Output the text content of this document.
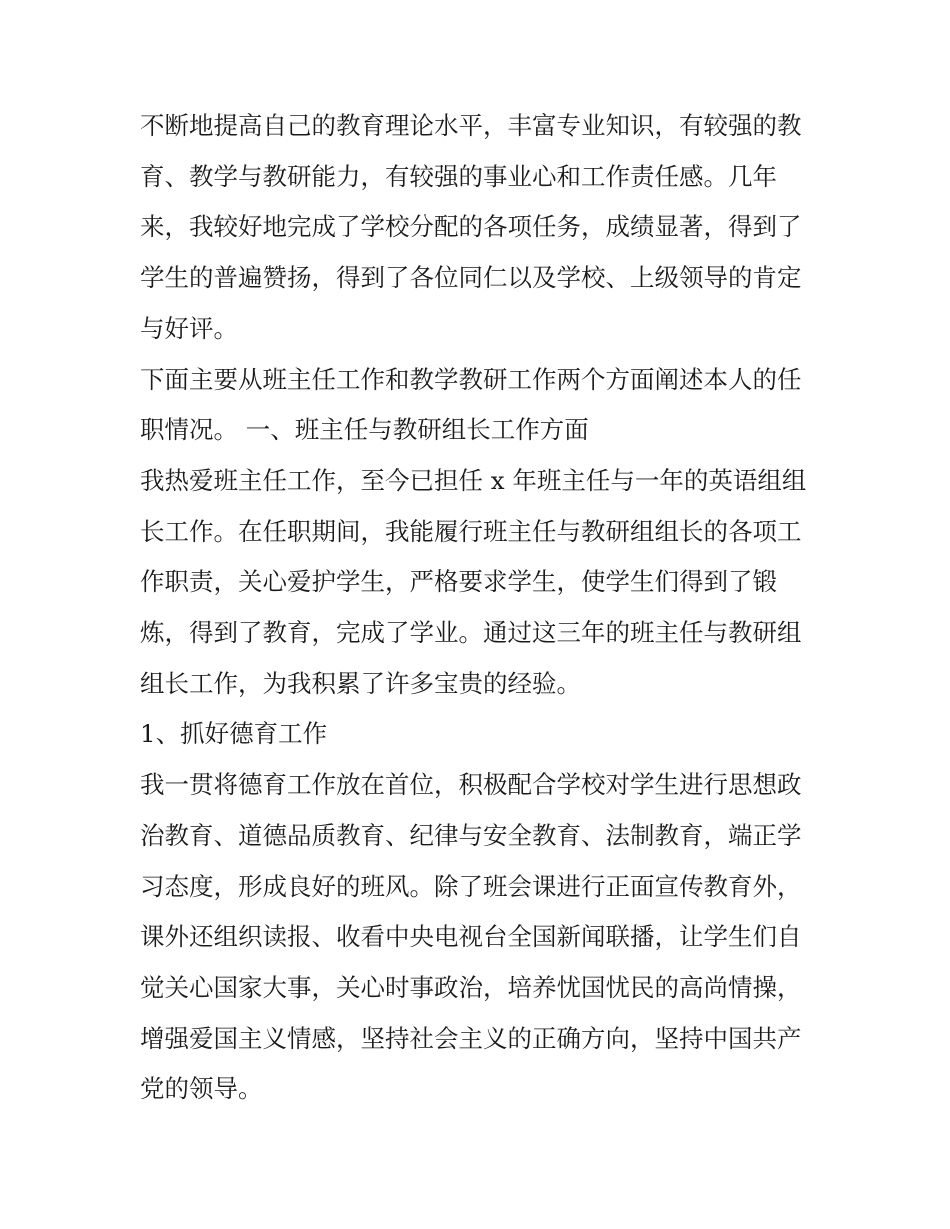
不断地提高自己的教育理论水平，丰富专业知识，有较强的教
育、教学与教研能力，有较强的事业心和工作责任感。几年
来，我较好地完成了学校分配的各项任务，成绩显著，得到了
学生的普遍赞扬，得到了各位同仁以及学校、上级领导的肯定
与好评。
下面主要从班主任工作和教学教研工作两个方面阐述本人的任
职情况。 一、班主任与教研组长工作方面
我热爱班主任工作，至今已担任 x 年班主任与一年的英语组组
长工作。在任职期间，我能履行班主任与教研组组长的各项工
作职责，关心爱护学生，严格要求学生，使学生们得到了锻
炼，得到了教育，完成了学业。通过这三年的班主任与教研组
组长工作，为我积累了许多宝贵的经验。
1、抓好德育工作
我一贯将德育工作放在首位，积极配合学校对学生进行思想政
治教育、道德品质教育、纪律与安全教育、法制教育，端正学
习态度，形成良好的班风。除了班会课进行正面宣传教育外，
课外还组织读报、收看中央电视台全国新闻联播，让学生们自
觉关心国家大事，关心时事政治，培养忧国忧民的高尚情操，
增强爱国主义情感，坚持社会主义的正确方向，坚持中国共产
党的领导。
